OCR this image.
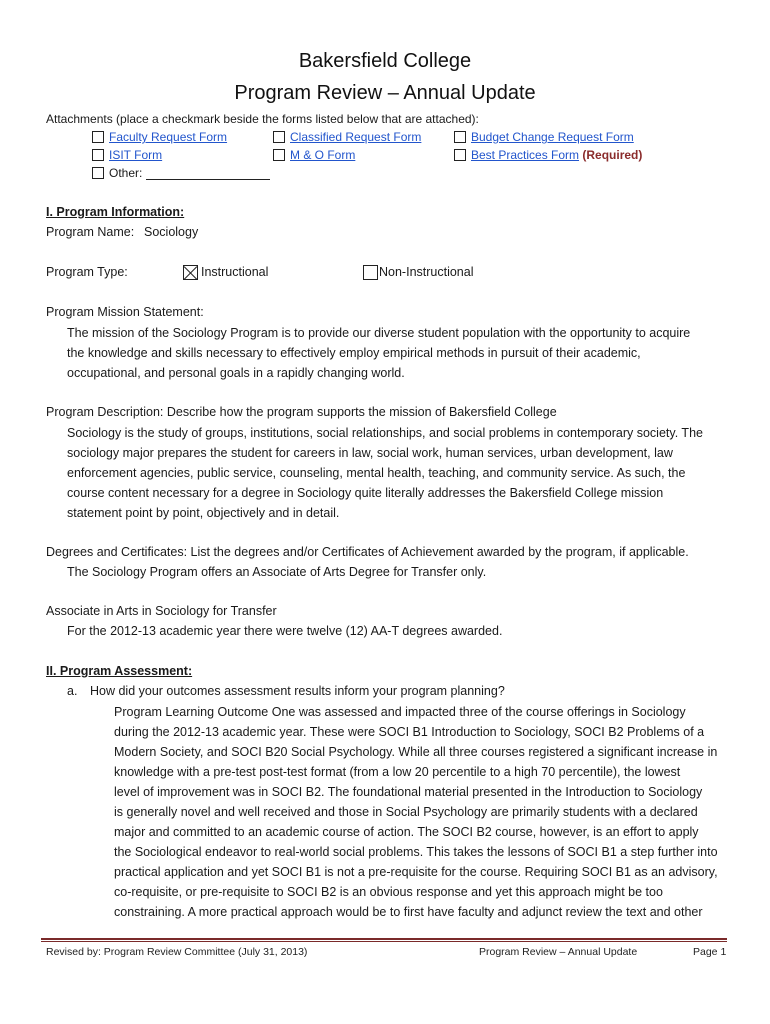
Bakersfield College
Program Review – Annual Update
Attachments (place a checkmark beside the forms listed below that are attached):
Faculty Request Form	Classified Request Form	Budget Change Request Form
ISIT Form	M & O Form	Best Practices Form (Required)
Other:
I. Program Information:
Program Name: Sociology
Program Type:	Instructional	Non-Instructional
Program Mission Statement:
The mission of the Sociology Program is to provide our diverse student population with the opportunity to acquire
the knowledge and skills necessary to effectively employ empirical methods in pursuit of their academic,
occupational, and personal goals in a rapidly changing world.
Program Description: Describe how the program supports the mission of Bakersfield College
Sociology is the study of groups, institutions, social relationships, and social problems in contemporary society. The
sociology major prepares the student for careers in law, social work, human services, urban development, law
enforcement agencies, public service, counseling, mental health, teaching, and community service. As such, the
course content necessary for a degree in Sociology quite literally addresses the Bakersfield College mission
statement point by point, objectively and in detail.
Degrees and Certificates: List the degrees and/or Certificates of Achievement awarded by the program, if applicable.
The Sociology Program offers an Associate of Arts Degree for Transfer only.
Associate in Arts in Sociology for Transfer
For the 2012-13 academic year there were twelve (12) AA-T degrees awarded.
II. Program Assessment:
a. How did your outcomes assessment results inform your program planning?
Program Learning Outcome One was assessed and impacted three of the course offerings in Sociology
during the 2012-13 academic year. These were SOCI B1 Introduction to Sociology, SOCI B2 Problems of a
Modern Society, and SOCI B20 Social Psychology. While all three courses registered a significant increase in
knowledge with a pre-test post-test format (from a low 20 percentile to a high 70 percentile), the lowest
level of improvement was in SOCI B2. The foundational material presented in the Introduction to Sociology
is generally novel and well received and those in Social Psychology are primarily students with a declared
major and committed to an academic course of action. The SOCI B2 course, however, is an effort to apply
the Sociological endeavor to real-world social problems. This takes the lessons of SOCI B1 a step further into
practical application and yet SOCI B1 is not a pre-requisite for the course. Requiring SOCI B1 as an advisory,
co-requisite, or pre-requisite to SOCI B2 is an obvious response and yet this approach might be too
constraining. A more practical approach would be to first have faculty and adjunct review the text and other
Revised by: Program Review Committee (July 31, 2013)	Program Review – Annual Update	Page 1
